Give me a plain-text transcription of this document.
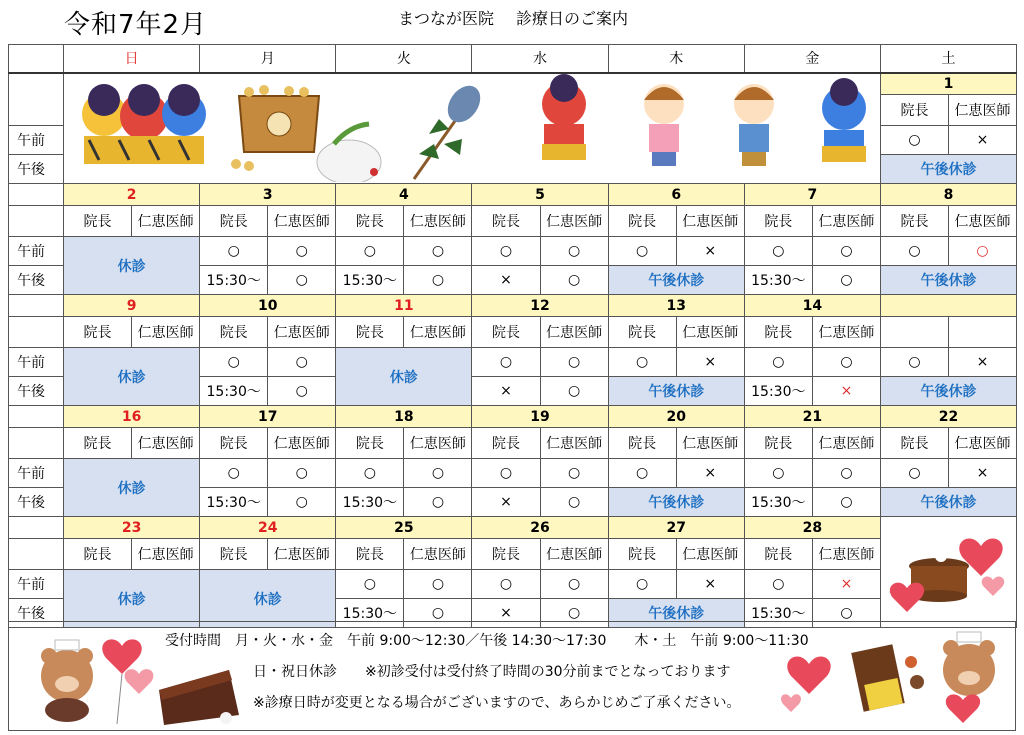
令和7年2月	まつなが医院 診療日のご案内
	日		月		火		水		木		金		土	

	1	
													院長	仁恵医師
午前													○	×
午後													午後休診	
	2		3		4		5		6		7		8	
	院長	仁恵医師	院長	仁恵医師	院長	仁恵医師	院長	仁恵医師	院長	仁恵医師	院長	仁恵医師	院長	仁恵医師
午前	休診		○	○	○	○	○	○	○	×	○	○	○	○
午後			15:30〜	○	15:30〜	○	×	○	午後休診		15:30〜	○	午後休診	
	9		10		11		12		13		14			
	院長	仁恵医師	院長	仁恵医師	院長	仁恵医師	院長	仁恵医師	院長	仁恵医師	院長	仁恵医師		
午前	休診		○	○	休診		○	○	○	×	○	○	○	×
午後			15:30〜	○			×	○	午後休診		15:30〜	×	午後休診	
	16		17		18		19		20		21		22	
	院長	仁恵医師	院長	仁恵医師	院長	仁恵医師	院長	仁恵医師	院長	仁恵医師	院長	仁恵医師	院長	仁恵医師
午前	休診		○	○	○	○	○	○	○	×	○	○	○	×
午後			15:30〜	○	15:30〜	○	×	○	午後休診		15:30〜	○	午後休診	
	23		24		25		26		27		28	

	院長	仁恵医師	院長	仁恵医師	院長	仁恵医師	院長	仁恵医師	院長	仁恵医師	院長	仁恵医師		
午前	休診		休診		○	○	○	○	○	×	○	×		
午後					15:30〜	○	×	○	午後休診		15:30〜	○		
受付時間　 月・火・水・金　 午前 9:00〜12:30／午後 14:30〜17:30　　 木・土　 午前 9:00〜11:30
日・祝日休診　　 ※初診受付は受付終了時間の30分前までとなっております
※診療日時が変更となる場合がございますので、あらかじめご了承ください。
